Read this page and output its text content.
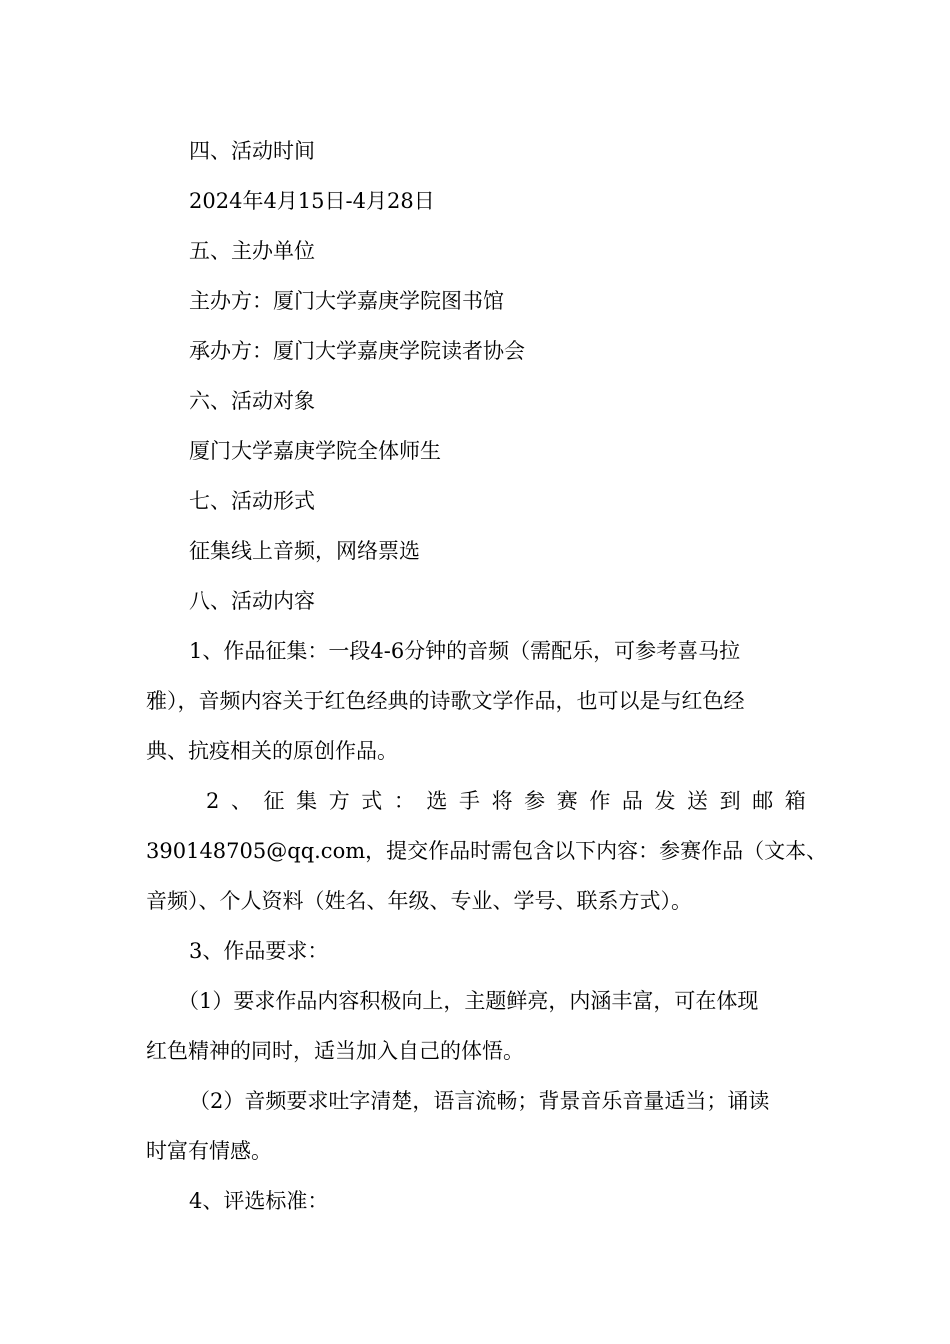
四、活动时间
2024年4月15日-4月28日
五、主办单位
主办方：厦门大学嘉庚学院图书馆
承办方：厦门大学嘉庚学院读者协会
六、活动对象
厦门大学嘉庚学院全体师生
七、活动形式
征集线上音频，网络票选
八、活动内容
1、作品征集：一段4-6分钟的音频（需配乐，可参考喜马拉
雅），音频内容关于红色经典的诗歌文学作品，也可以是与红色经
典、抗疫相关的原创作品。
2 、 征 集 方 式 ： 选 手 将 参 赛 作 品 发 送 到 邮 箱
390148705@qq.com，提交作品时需包含以下内容：参赛作品（文本、
音频）、个人资料（姓名、年级、专业、学号、联系方式）。
3、作品要求：
（1）要求作品内容积极向上，主题鲜亮，内涵丰富，可在体现
红色精神的同时，适当加入自己的体悟。
（2）音频要求吐字清楚，语言流畅；背景音乐音量适当；诵读
时富有情感。
4、评选标准：
